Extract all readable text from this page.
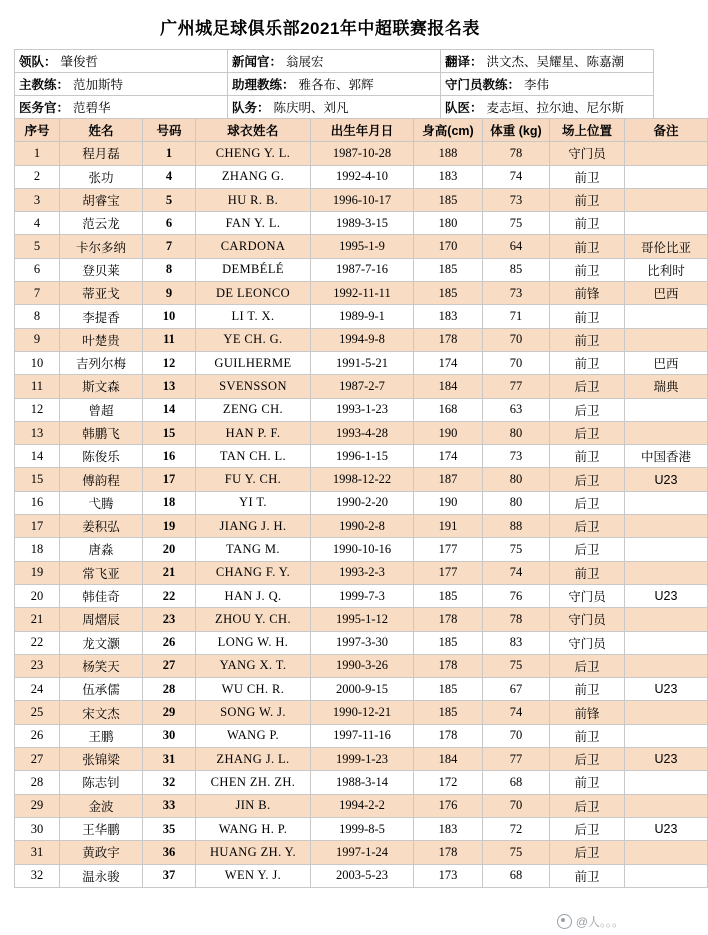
广州城足球俱乐部2021年中超联赛报名表
领队： 肇俊哲	新闻官： 翁展宏	翻译： 洪文杰、吴耀星、陈嘉潮

主教练： 范加斯特	助理教练： 雅各布、郭辉	守门员教练： 李伟

医务官： 范碧华	队务： 陈庆明、刘凡	队医： 麦志垣、拉尔迪、尼尔斯
序号	姓名	号码	球衣姓名	出生年月日	身高(cm)	体重 (kg)	场上位置	备注
1	程月磊	1	CHENG Y. L.	1987-10-28	188	78	守门员	
2	张功	4	ZHANG G.	1992-4-10	183	74	前卫	
3	胡睿宝	5	HU R. B.	1996-10-17	185	73	前卫	
4	范云龙	6	FAN Y. L.	1989-3-15	180	75	前卫	
5	卡尔多纳	7	CARDONA	1995-1-9	170	64	前卫	哥伦比亚
6	登贝莱	8	DEMBÉLÉ	1987-7-16	185	85	前卫	比利时
7	蒂亚戈	9	DE LEONCO	1992-11-11	185	73	前锋	巴西
8	李提香	10	LI T. X.	1989-9-1	183	71	前卫	
9	叶楚贵	11	YE CH. G.	1994-9-8	178	70	前卫	
10	吉列尔梅	12	GUILHERME	1991-5-21	174	70	前卫	巴西
11	斯文森	13	SVENSSON	1987-2-7	184	77	后卫	瑞典
12	曾超	14	ZENG CH.	1993-1-23	168	63	后卫	
13	韩鹏飞	15	HAN P. F.	1993-4-28	190	80	后卫	
14	陈俊乐	16	TAN CH. L.	1996-1-15	174	73	前卫	中国香港
15	傅韵程	17	FU Y. CH.	1998-12-22	187	80	后卫	U23
16	弋腾	18	YI T.	1990-2-20	190	80	后卫	
17	姜积弘	19	JIANG J. H.	1990-2-8	191	88	后卫	
18	唐淼	20	TANG M.	1990-10-16	177	75	后卫	
19	常飞亚	21	CHANG F. Y.	1993-2-3	177	74	前卫	
20	韩佳奇	22	HAN J. Q.	1999-7-3	185	76	守门员	U23
21	周熠辰	23	ZHOU Y. CH.	1995-1-12	178	78	守门员	
22	龙文灏	26	LONG W. H.	1997-3-30	185	83	守门员	
23	杨笑天	27	YANG X. T.	1990-3-26	178	75	后卫	
24	伍承儒	28	WU CH. R.	2000-9-15	185	67	前卫	U23
25	宋文杰	29	SONG W. J.	1990-12-21	185	74	前锋	
26	王鹏	30	WANG P.	1997-11-16	178	70	前卫	
27	张锦梁	31	ZHANG J. L.	1999-1-23	184	77	后卫	U23
28	陈志钊	32	CHEN ZH. ZH.	1988-3-14	172	68	前卫	
29	金波	33	JIN B.	1994-2-2	176	70	后卫	
30	王华鹏	35	WANG H. P.	1999-8-5	183	72	后卫	U23
31	黄政宇	36	HUANG ZH. Y.	1997-1-24	178	75	后卫	
32	温永骏	37	WEN Y. J.	2003-5-23	173	68	前卫	
@人。。。
